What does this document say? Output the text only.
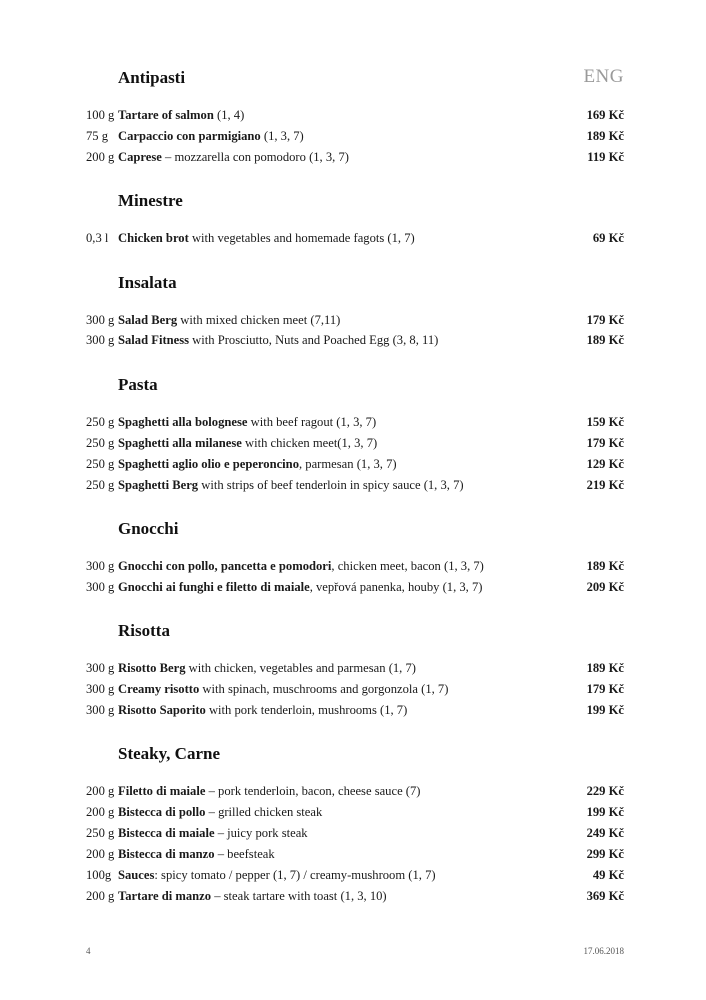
ENG
Antipasti
100 g Tartare of salmon (1, 4)	169 Kč
75 g Carpaccio con parmigiano (1, 3, 7)	189 Kč
200 g Caprese – mozzarella con pomodoro (1, 3, 7)	119 Kč
Minestre
0,3 l Chicken brot with vegetables and homemade fagots (1, 7)	69 Kč
Insalata
300 g Salad Berg with mixed chicken meet (7,11)	179 Kč
300 g Salad Fitness with Prosciutto, Nuts and Poached Egg (3, 8, 11)	189 Kč
Pasta
250 g Spaghetti alla bolognese with beef ragout (1, 3, 7)	159 Kč
250 g Spaghetti alla milanese with chicken meet(1, 3, 7)	179 Kč
250 g Spaghetti aglio olio e peperoncino, parmesan (1, 3, 7)	129 Kč
250 g Spaghetti Berg with strips of beef tenderloin in spicy sauce (1, 3, 7)	219 Kč
Gnocchi
300 g Gnocchi con pollo, pancetta e pomodori, chicken meet, bacon (1, 3, 7)	189 Kč
300 g Gnocchi ai funghi e filetto di maiale, vepřová panenka, houby (1, 3, 7)	209 Kč
Risotta
300 g Risotto Berg with chicken, vegetables and parmesan (1, 7)	189 Kč
300 g Creamy risotto with spinach, muschrooms and gorgonzola (1, 7)	179 Kč
300 g Risotto Saporito with pork tenderloin, mushrooms (1, 7)	199 Kč
Steaky, Carne
200 g Filetto di maiale – pork tenderloin, bacon, cheese sauce (7)	229 Kč
200 g Bistecca di pollo – grilled chicken steak	199 Kč
250 g Bistecca di maiale – juicy pork steak	249 Kč
200 g Bistecca di manzo – beefsteak	299 Kč
100g Sauces: spicy tomato / pepper (1, 7) / creamy-mushroom (1, 7)	49 Kč
200 g Tartare di manzo – steak tartare with toast (1, 3, 10)	369 Kč
4	17.06.2018
